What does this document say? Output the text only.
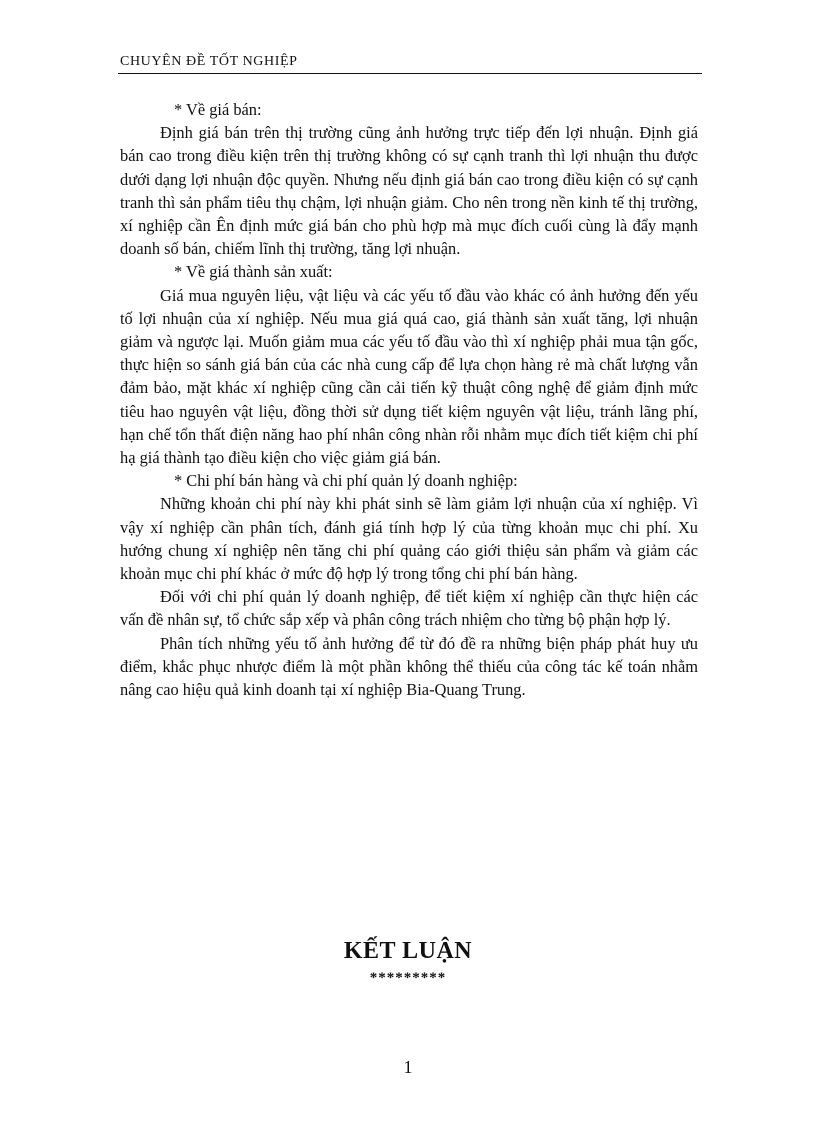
CHUYÊN ĐỀ TỐT NGHIỆP

* Về giá bán:

Định giá bán trên thị trường cũng ảnh hưởng trực tiếp đến lợi nhuận. Định giá bán cao trong điều kiện trên thị trường không có sự cạnh tranh thì lợi nhuận thu được dưới dạng lợi nhuận độc quyền. Nhưng nếu định giá bán cao trong điều kiện có sự cạnh tranh thì sản phẩm tiêu thụ chậm, lợi nhuận giảm. Cho nên trong nền kinh tế thị trường, xí nghiệp cần Ên định mức giá bán cho phù hợp mà mục đích cuối cùng là đẩy mạnh doanh số bán, chiếm lĩnh thị trường, tăng lợi nhuận.

* Về giá thành sản xuất:

Giá mua nguyên liệu, vật liệu và các yếu tố đầu vào khác có ảnh hưởng đến yếu tố lợi nhuận của xí nghiệp. Nếu mua giá quá cao, giá thành sản xuất tăng, lợi nhuận giảm và ngược lại. Muốn giảm mua các yếu tố đầu vào thì xí nghiệp phải mua tận gốc, thực hiện so sánh giá bán của các nhà cung cấp để lựa chọn hàng rẻ mà chất lượng vẫn đảm bảo, mặt khác xí nghiệp cũng cần cải tiến kỹ thuật công nghệ để giảm định mức tiêu hao nguyên vật liệu, đồng thời sử dụng tiết kiệm nguyên vật liệu, tránh lãng phí, hạn chế tổn thất điện năng hao phí nhân công nhàn rỗi nhằm mục đích tiết kiệm chi phí hạ giá thành tạo điều kiện cho việc giảm giá bán.

* Chi phí bán hàng và chi phí quản lý doanh nghiệp:

Những khoản chi phí này khi phát sinh sẽ làm giảm lợi nhuận của xí nghiệp. Vì vậy xí nghiệp cần phân tích, đánh giá tính hợp lý của từng khoản mục chi phí. Xu hướng chung xí nghiệp nên tăng chi phí quảng cáo giới thiệu sản phẩm và giảm các khoản mục chi phí khác ở mức độ hợp lý trong tổng chi phí bán hàng.

Đối với chi phí quản lý doanh nghiệp, để tiết kiệm xí nghiệp cần thực hiện các vấn đề nhân sự, tổ chức sắp xếp và phân công trách nhiệm cho từng bộ phận hợp lý.

Phân tích những yếu tố ảnh hưởng để từ đó đề ra những biện pháp phát huy ưu điểm, khắc phục nhược điểm là một phần không thể thiếu của công tác kế toán nhằm nâng cao hiệu quả kinh doanh tại xí nghiệp Bia-Quang Trung.

KẾT LUẬN
*********
1
